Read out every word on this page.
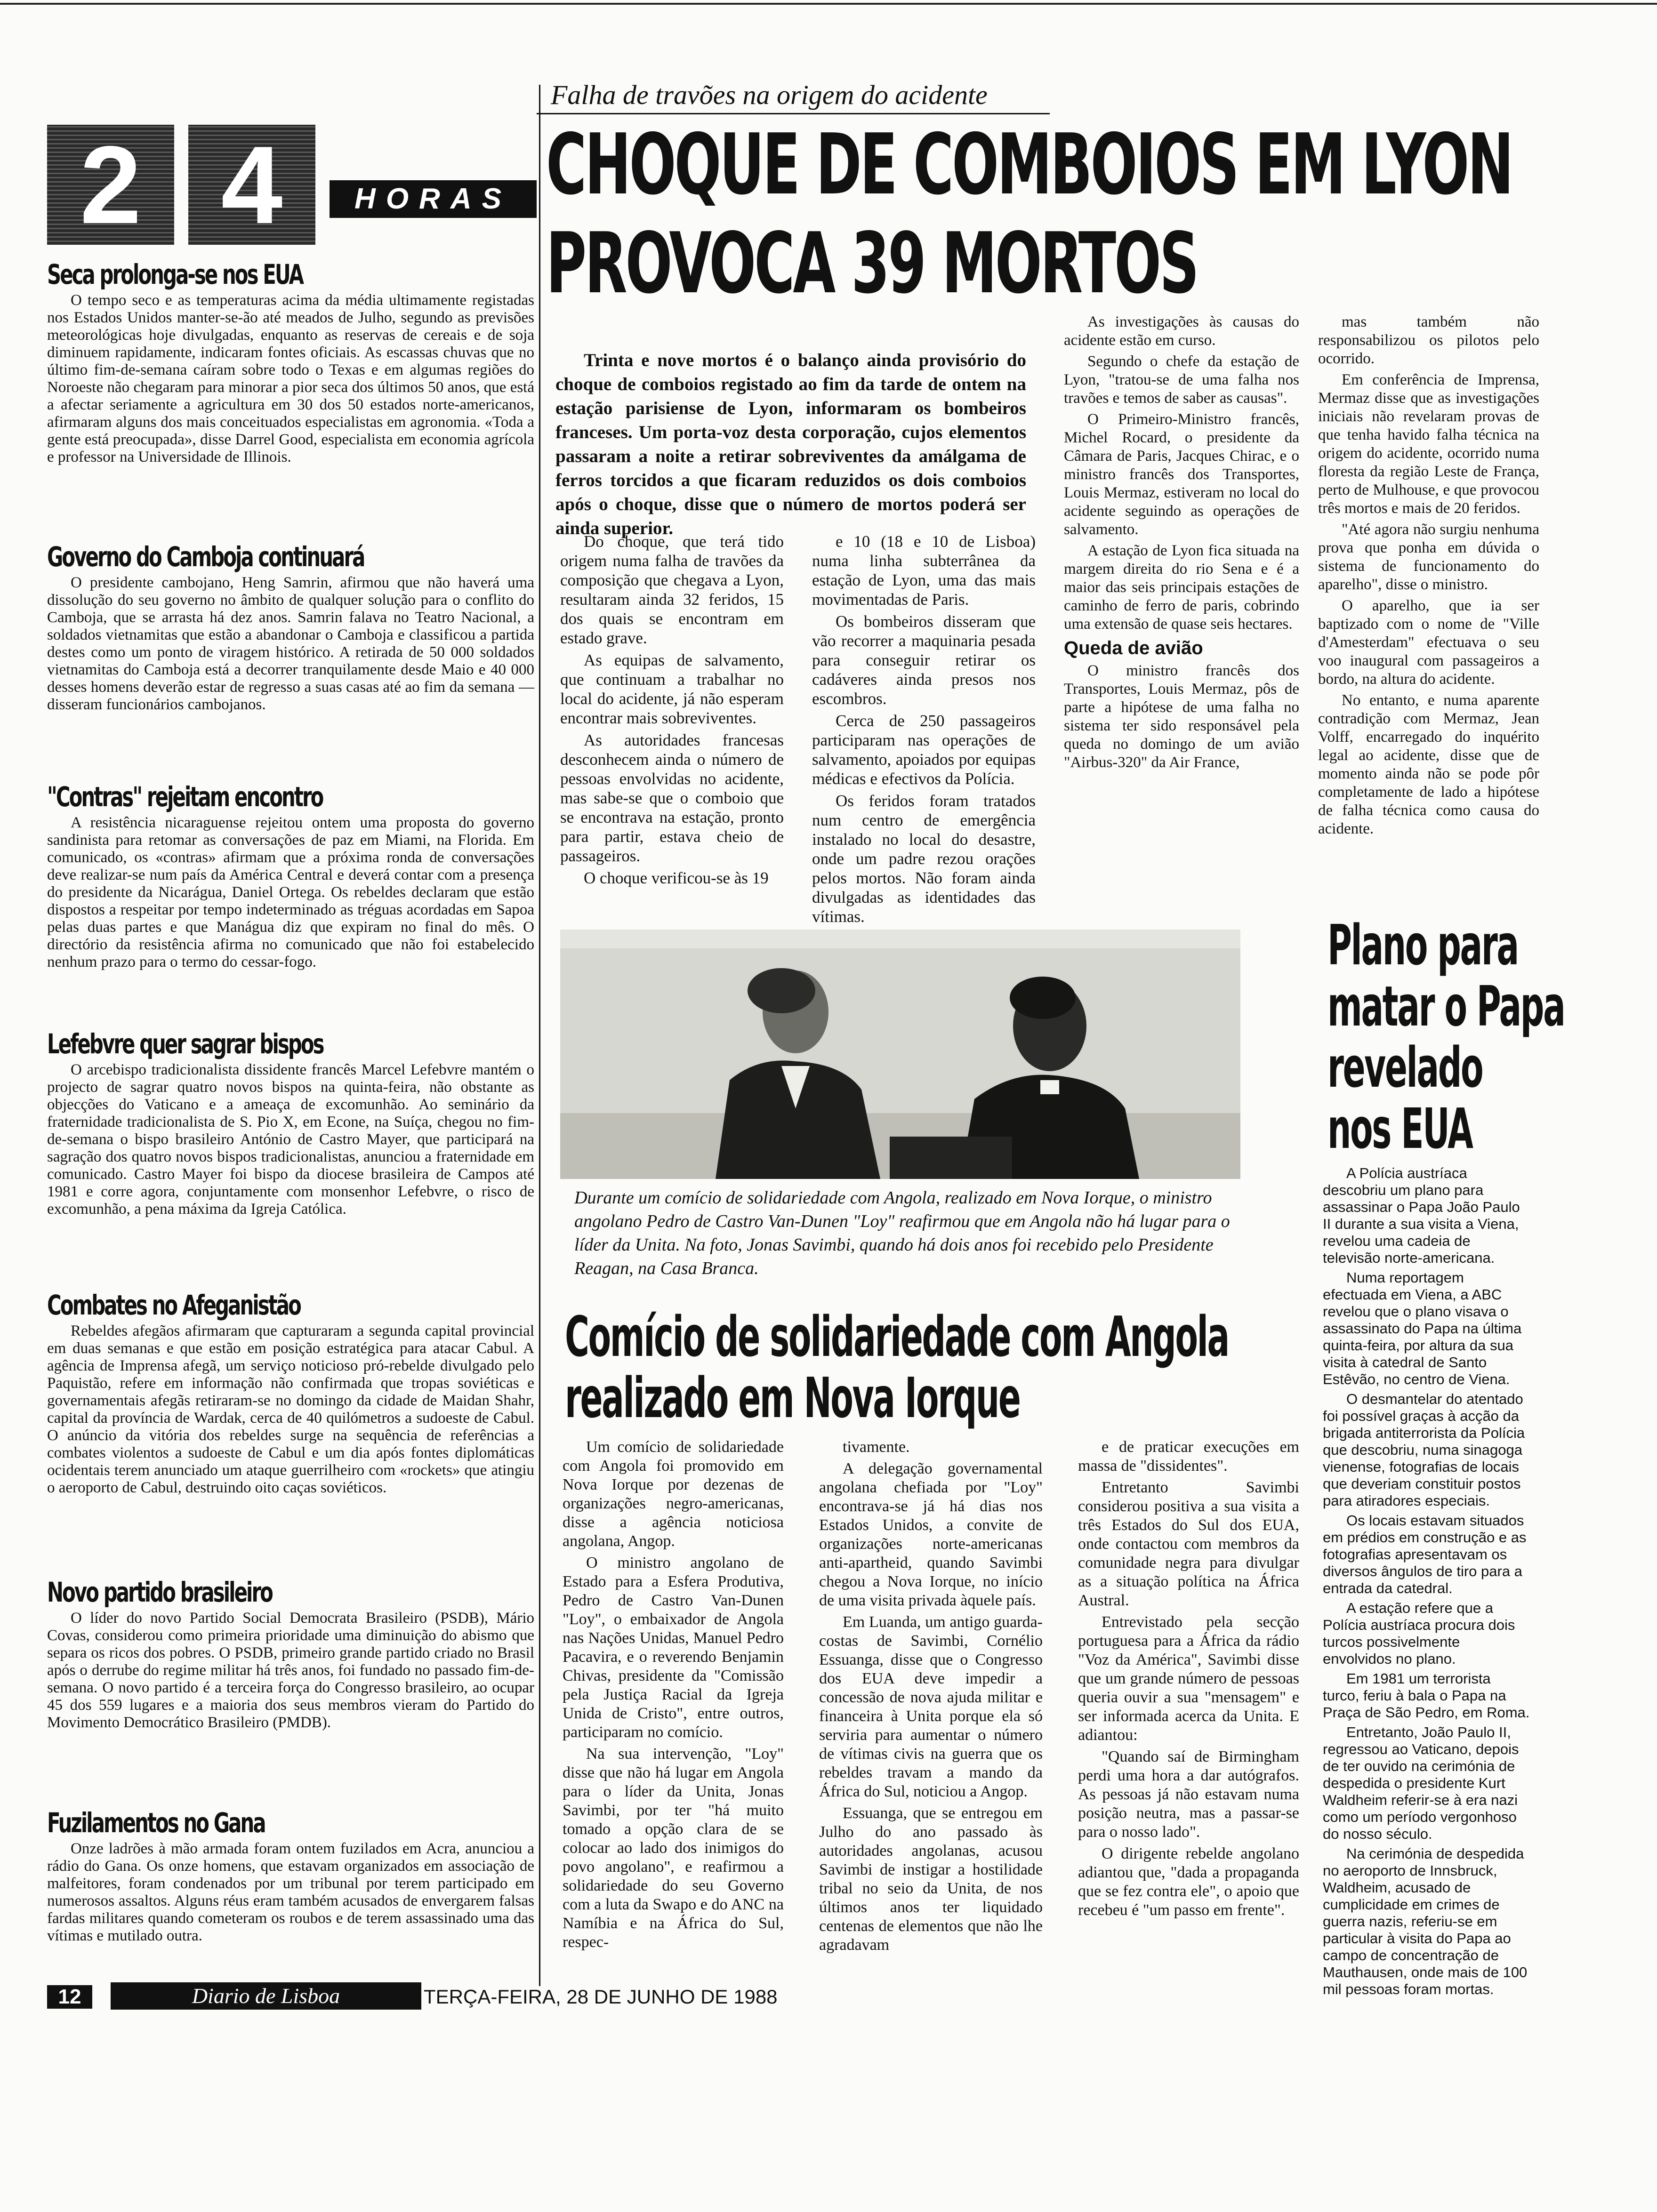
2 4	HORAS
Seca prolonga-se nos EUA

O tempo seco e as temperaturas acima da média ultimamente registadas nos Estados Unidos manter-se-ão até meados de Julho, segundo as previsões meteorológicas hoje divulgadas, enquanto as reservas de cereais e de soja diminuem rapidamente, indicaram fontes oficiais. As escassas chuvas que no último fim-de-semana caíram sobre todo o Texas e em algumas regiões do Noroeste não chegaram para minorar a pior seca dos últimos 50 anos, que está a afectar seriamente a agricultura em 30 dos 50 estados norte-americanos, afirmaram alguns dos mais conceituados especialistas em agronomia. «Toda a gente está preocupada», disse Darrel Good, especialista em economia agrícola e professor na Universidade de Illinois.

Governo do Camboja continuará

O presidente cambojano, Heng Samrin, afirmou que não haverá uma dissolução do seu governo no âmbito de qualquer solução para o conflito do Camboja, que se arrasta há dez anos. Samrin falava no Teatro Nacional, a soldados vietnamitas que estão a abandonar o Camboja e classificou a partida destes como um ponto de viragem histórico. A retirada de 50 000 soldados vietnamitas do Camboja está a decorrer tranquilamente desde Maio e 40 000 desses homens deverão estar de regresso a suas casas até ao fim da semana — disseram funcionários cambojanos.

"Contras" rejeitam encontro

A resistência nicaraguense rejeitou ontem uma proposta do governo sandinista para retomar as conversações de paz em Miami, na Florida. Em comunicado, os «contras» afirmam que a próxima ronda de conversações deve realizar-se num país da América Central e deverá contar com a presença do presidente da Nicarágua, Daniel Ortega. Os rebeldes declaram que estão dispostos a respeitar por tempo indeterminado as tréguas acordadas em Sapoa pelas duas partes e que Manágua diz que expiram no final do mês. O directório da resistência afirma no comunicado que não foi estabelecido nenhum prazo para o termo do cessar-fogo.

Lefebvre quer sagrar bispos

O arcebispo tradicionalista dissidente francês Marcel Lefebvre mantém o projecto de sagrar quatro novos bispos na quinta-feira, não obstante as objecções do Vaticano e a ameaça de excomunhão. Ao seminário da fraternidade tradicionalista de S. Pio X, em Econe, na Suíça, chegou no fim-de-semana o bispo brasileiro António de Castro Mayer, que participará na sagração dos quatro novos bispos tradicionalistas, anunciou a fraternidade em comunicado. Castro Mayer foi bispo da diocese brasileira de Campos até 1981 e corre agora, conjuntamente com monsenhor Lefebvre, o risco de excomunhão, a pena máxima da Igreja Católica.

Combates no Afeganistão

Rebeldes afegãos afirmaram que capturaram a segunda capital provincial em duas semanas e que estão em posição estratégica para atacar Cabul. A agência de Imprensa afegã, um serviço noticioso pró-rebelde divulgado pelo Paquistão, refere em informação não confirmada que tropas soviéticas e governamentais afegãs retiraram-se no domingo da cidade de Maidan Shahr, capital da província de Wardak, cerca de 40 quilómetros a sudoeste de Cabul. O anúncio da vitória dos rebeldes surge na sequência de referências a combates violentos a sudoeste de Cabul e um dia após fontes diplomáticas ocidentais terem anunciado um ataque guerrilheiro com «rockets» que atingiu o aeroporto de Cabul, destruindo oito caças soviéticos.

Novo partido brasileiro

O líder do novo Partido Social Democrata Brasileiro (PSDB), Mário Covas, considerou como primeira prioridade uma diminuição do abismo que separa os ricos dos pobres. O PSDB, primeiro grande partido criado no Brasil após o derrube do regime militar há três anos, foi fundado no passado fim-de-semana. O novo partido é a terceira força do Congresso brasileiro, ao ocupar 45 dos 559 lugares e a maioria dos seus membros vieram do Partido do Movimento Democrático Brasileiro (PMDB).

Fuzilamentos no Gana

Onze ladrões à mão armada foram ontem fuzilados em Acra, anunciou a rádio do Gana. Os onze homens, que estavam organizados em associação de malfeitores, foram condenados por um tribunal por terem participado em numerosos assaltos. Alguns réus eram também acusados de envergarem falsas fardas militares quando cometeram os roubos e de terem assassinado uma das vítimas e mutilado outra.

Falha de travões na origem do acidente
CHOQUE DE COMBOIOS EM LYON
PROVOCA 39 MORTOS
Trinta e nove mortos é o balanço ainda provisório do choque de comboios registado ao fim da tarde de ontem na estação parisiense de Lyon, informaram os bombeiros franceses. Um porta-voz desta corporação, cujos elementos passaram a noite a retirar sobreviventes da amálgama de ferros torcidos a que ficaram reduzidos os dois comboios após o choque, disse que o número de mortos poderá ser ainda superior.

Do choque, que terá tido origem numa falha de travões da composição que chegava a Lyon, resultaram ainda 32 feridos, 15 dos quais se encontram em estado grave.

As equipas de salvamento, que continuam a trabalhar no local do acidente, já não esperam encontrar mais sobreviventes.

As autoridades francesas desconhecem ainda o número de pessoas envolvidas no acidente, mas sabe-se que o comboio que se encontrava na estação, pronto para partir, estava cheio de passageiros.

O choque verificou-se às 19

e 10 (18 e 10 de Lisboa) numa linha subterrânea da estação de Lyon, uma das mais movimentadas de Paris.

Os bombeiros disseram que vão recorrer a maquinaria pesada para conseguir retirar os cadáveres ainda presos nos escombros.

Cerca de 250 passageiros participaram nas operações de salvamento, apoiados por equipas médicas e efectivos da Polícia.

Os feridos foram tratados num centro de emergência instalado no local do desastre, onde um padre rezou orações pelos mortos. Não foram ainda divulgadas as identidades das vítimas.

As investigações às causas do acidente estão em curso.

Segundo o chefe da estação de Lyon, "tratou-se de uma falha nos travões e temos de saber as causas".

O Primeiro-Ministro francês, Michel Rocard, o presidente da Câmara de Paris, Jacques Chirac, e o ministro francês dos Transportes, Louis Mermaz, estiveram no local do acidente seguindo as operações de salvamento.

A estação de Lyon fica situada na margem direita do rio Sena e é a maior das seis principais estações de caminho de ferro de paris, cobrindo uma extensão de quase seis hectares.

Queda de avião

O ministro francês dos Transportes, Louis Mermaz, pôs de parte a hipótese de uma falha no sistema ter sido responsável pela queda no domingo de um avião "Airbus-320" da Air France,

mas também não responsabilizou os pilotos pelo ocorrido.

Em conferência de Imprensa, Mermaz disse que as investigações iniciais não revelaram provas de que tenha havido falha técnica na origem do acidente, ocorrido numa floresta da região Leste de França, perto de Mulhouse, e que provocou três mortos e mais de 20 feridos.

"Até agora não surgiu nenhuma prova que ponha em dúvida o sistema de funcionamento do aparelho", disse o ministro.

O aparelho, que ia ser baptizado com o nome de "Ville d'Amesterdam" efectuava o seu voo inaugural com passageiros a bordo, na altura do acidente.

No entanto, e numa aparente contradição com Mermaz, Jean Volff, encarregado do inquérito legal ao acidente, disse que de momento ainda não se pode pôr completamente de lado a hipótese de falha técnica como causa do acidente.

Durante um comício de solidariedade com Angola, realizado em Nova Iorque, o ministro angolano Pedro de Castro Van-Dunen "Loy" reafirmou que em Angola não há lugar para o líder da Unita. Na foto, Jonas Savimbi, quando há dois anos foi recebido pelo Presidente Reagan, na Casa Branca.
Comício de solidariedade com Angola
realizado em Nova Iorque

Um comício de solidariedade com Angola foi promovido em Nova Iorque por dezenas de organizações negro-americanas, disse a agência noticiosa angolana, Angop.

O ministro angolano de Estado para a Esfera Produtiva, Pedro de Castro Van-Dunen "Loy", o embaixador de Angola nas Nações Unidas, Manuel Pedro Pacavira, e o reverendo Benjamin Chivas, presidente da "Comissão pela Justiça Racial da Igreja Unida de Cristo", entre outros, participaram no comício.

Na sua intervenção, "Loy" disse que não há lugar em Angola para o líder da Unita, Jonas Savimbi, por ter "há muito tomado a opção clara de se colocar ao lado dos inimigos do povo angolano", e reafirmou a solidariedade do seu Governo com a luta da Swapo e do ANC na Namíbia e na África do Sul, respec-

tivamente.

A delegação governamental angolana chefiada por "Loy" encontrava-se já há dias nos Estados Unidos, a convite de organizações norte-americanas anti-apartheid, quando Savimbi chegou a Nova Iorque, no início de uma visita privada àquele país.

Em Luanda, um antigo guarda-costas de Savimbi, Cornélio Essuanga, disse que o Congresso dos EUA deve impedir a concessão de nova ajuda militar e financeira à Unita porque ela só serviria para aumentar o número de vítimas civis na guerra que os rebeldes travam a mando da África do Sul, noticiou a Angop.

Essuanga, que se entregou em Julho do ano passado às autoridades angolanas, acusou Savimbi de instigar a hostilidade tribal no seio da Unita, de nos últimos anos ter liquidado centenas de elementos que não lhe agradavam

e de praticar execuções em massa de "dissidentes".

Entretanto Savimbi considerou positiva a sua visita a três Estados do Sul dos EUA, onde contactou com membros da comunidade negra para divulgar as a situação política na África Austral.

Entrevistado pela secção portuguesa para a África da rádio "Voz da América", Savimbi disse que um grande número de pessoas queria ouvir a sua "mensagem" e ser informada acerca da Unita. E adiantou:

"Quando saí de Birmingham perdi uma hora a dar autógrafos. As pessoas já não estavam numa posição neutra, mas a passar-se para o nosso lado".

O dirigente rebelde angolano adiantou que, "dada a propaganda que se fez contra ele", o apoio que recebeu é "um passo em frente".

Plano para
matar o Papa
revelado
nos EUA

A Polícia austríaca descobriu um plano para assassinar o Papa João Paulo II durante a sua visita a Viena, revelou uma cadeia de televisão norte-americana.

Numa reportagem efectuada em Viena, a ABC revelou que o plano visava o assassinato do Papa na última quinta-feira, por altura da sua visita à catedral de Santo Estêvão, no centro de Viena.

O desmantelar do atentado foi possível graças à acção da brigada antiterrorista da Polícia que descobriu, numa sinagoga vienense, fotografias de locais que deveriam constituir postos para atiradores especiais.

Os locais estavam situados em prédios em construção e as fotografias apresentavam os diversos ângulos de tiro para a entrada da catedral.

A estação refere que a Polícia austríaca procura dois turcos possivelmente envolvidos no plano.

Em 1981 um terrorista turco, feriu à bala o Papa na Praça de São Pedro, em Roma.

Entretanto, João Paulo II, regressou ao Vaticano, depois de ter ouvido na cerimónia de despedida o presidente Kurt Waldheim referir-se à era nazi como um período vergonhoso do nosso século.

Na cerimónia de despedida no aeroporto de Innsbruck, Waldheim, acusado de cumplicidade em crimes de guerra nazis, referiu-se em particular à visita do Papa ao campo de concentração de Mauthausen, onde mais de 100 mil pessoas foram mortas.

12	Diario de Lisboa	TERÇA-FEIRA, 28 DE JUNHO DE 1988
